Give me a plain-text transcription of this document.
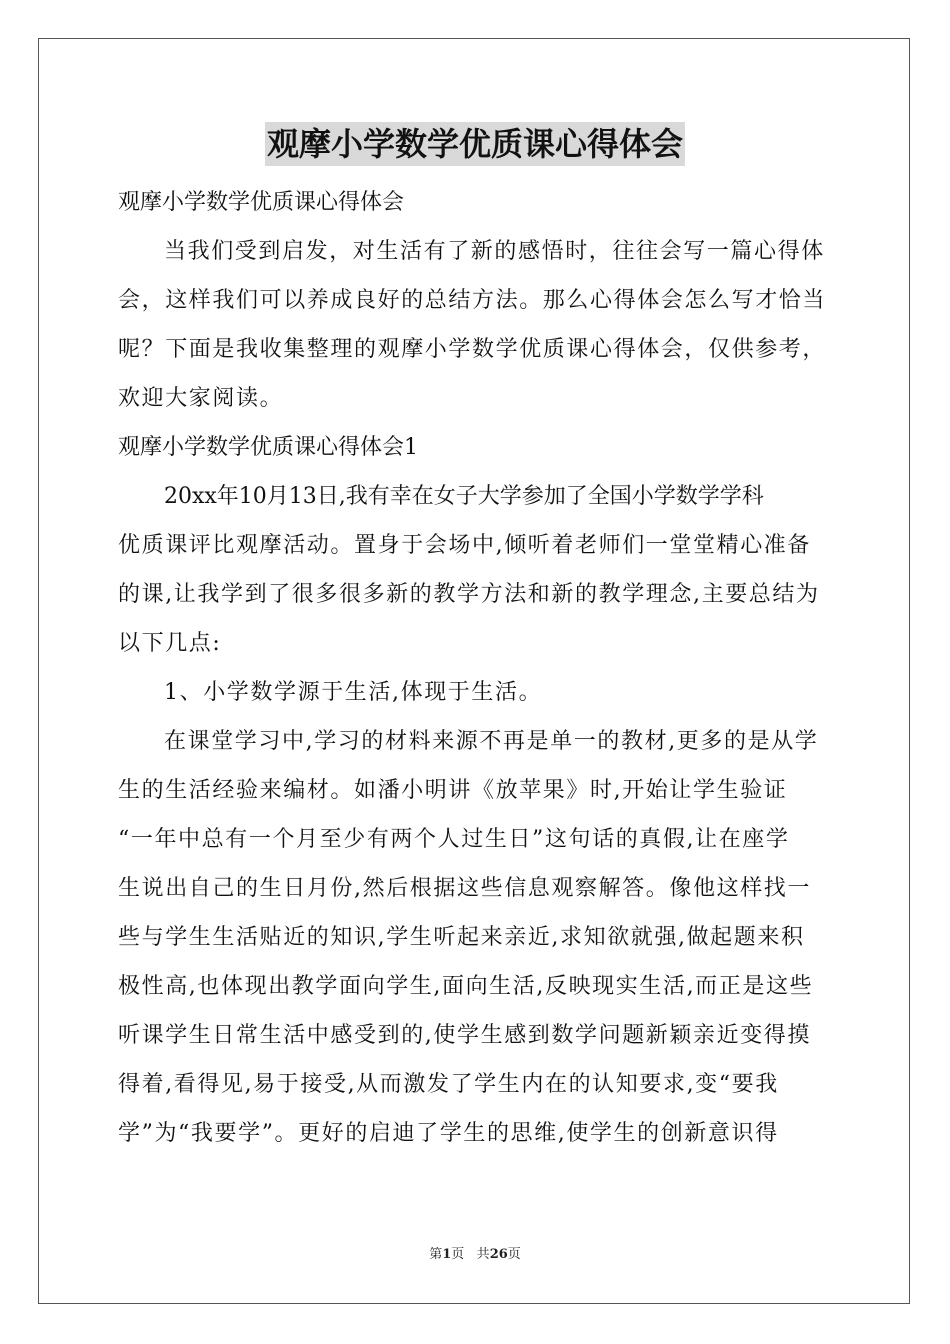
观摩小学数学优质课心得体会
观摩小学数学优质课心得体会
当我们受到启发，对生活有了新的感悟时，往往会写一篇心得体
会，这样我们可以养成良好的总结方法。那么心得体会怎么写才恰当
呢？下面是我收集整理的观摩小学数学优质课心得体会，仅供参考，
欢迎大家阅读。
观摩小学数学优质课心得体会1
20xx年10月13日,我有幸在女子大学参加了全国小学数学学科
优质课评比观摩活动。置身于会场中,倾听着老师们一堂堂精心准备
的课,让我学到了很多很多新的教学方法和新的教学理念,主要总结为
以下几点:
1、小学数学源于生活,体现于生活。
在课堂学习中,学习的材料来源不再是单一的教材,更多的是从学
生的生活经验来编材。如潘小明讲《放苹果》时,开始让学生验证
“一年中总有一个月至少有两个人过生日”这句话的真假,让在座学
生说出自己的生日月份,然后根据这些信息观察解答。像他这样找一
些与学生生活贴近的知识,学生听起来亲近,求知欲就强,做起题来积
极性高,也体现出教学面向学生,面向生活,反映现实生活,而正是这些
听课学生日常生活中感受到的,使学生感到数学问题新颖亲近变得摸
得着,看得见,易于接受,从而激发了学生内在的认知要求,变“要我
学”为“我要学”。更好的启迪了学生的思维,使学生的创新意识得
第1页 共26页
